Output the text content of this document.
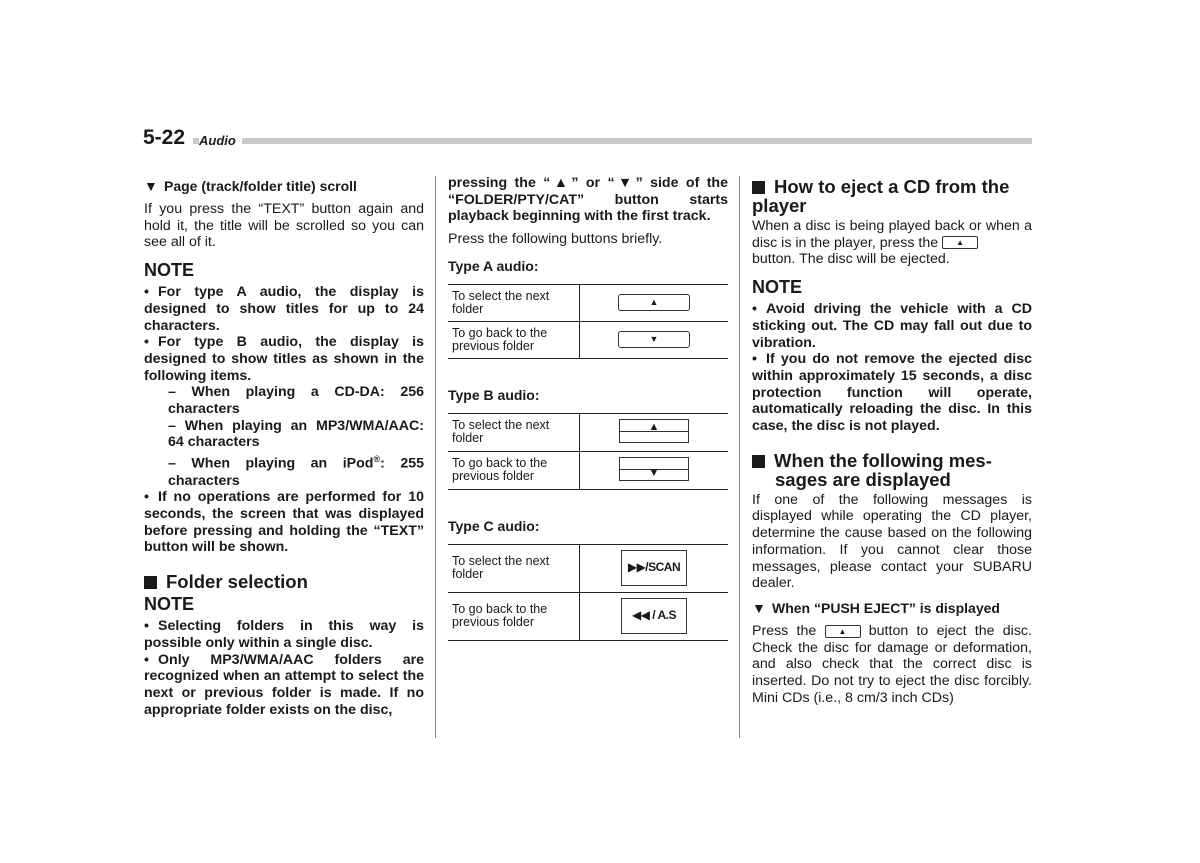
5-22	Audio
▼ Page (track/folder title) scroll

If you press the “TEXT” button again and hold it, the title will be scrolled so you can see all of it.

NOTE
• For type A audio, the display is designed to show titles for up to 24 characters.
• For type B audio, the display is designed to show titles as shown in the following items.
– When playing a CD-DA: 256 characters
– When playing an MP3/WMA/AAC: 64 characters
– When playing an iPod®: 255 characters
• If no operations are performed for 10 seconds, the screen that was displayed before pressing and holding the “TEXT” button will be shown.
Folder selection
NOTE
• Selecting folders in this way is possible only within a single disc.
• Only MP3/WMA/AAC folders are recognized when an attempt to select the next or previous folder is made. If no appropriate folder exists on the disc,

pressing the “▲” or “▼” side of the “FOLDER/PTY/CAT” button starts playback beginning with the first track.

Press the following buttons briefly.

Type A audio:
To select the next folder	▲
To go back to the previous folder	▼
Type B audio:
To select the next folder	▲

To go back to the previous folder	▼
Type C audio:
To select the next folder	▶▶/SCAN
To go back to the previous folder	◀◀ / A.S
How to eject a CD from the player

When a disc is being played back or when a disc is in the player, press the ▲
button. The disc will be ejected.

NOTE
• Avoid driving the vehicle with a CD sticking out. The CD may fall out due to vibration.
• If you do not remove the ejected disc within approximately 15 seconds, a disc protection function will operate, automatically reloading the disc. In this case, the disc is not played.
When the following mes-
sages are displayed

If one of the following messages is displayed while operating the CD player, determine the cause based on the following information. If you cannot clear those messages, please contact your SUBARU dealer.

▼ When “PUSH EJECT” is displayed

Press the	▲ button to eject the disc. Check the disc for damage or deformation, and also check that the correct disc is inserted. Do not try to eject the disc forcibly. Mini CDs (i.e., 8 cm/3 inch CDs)
